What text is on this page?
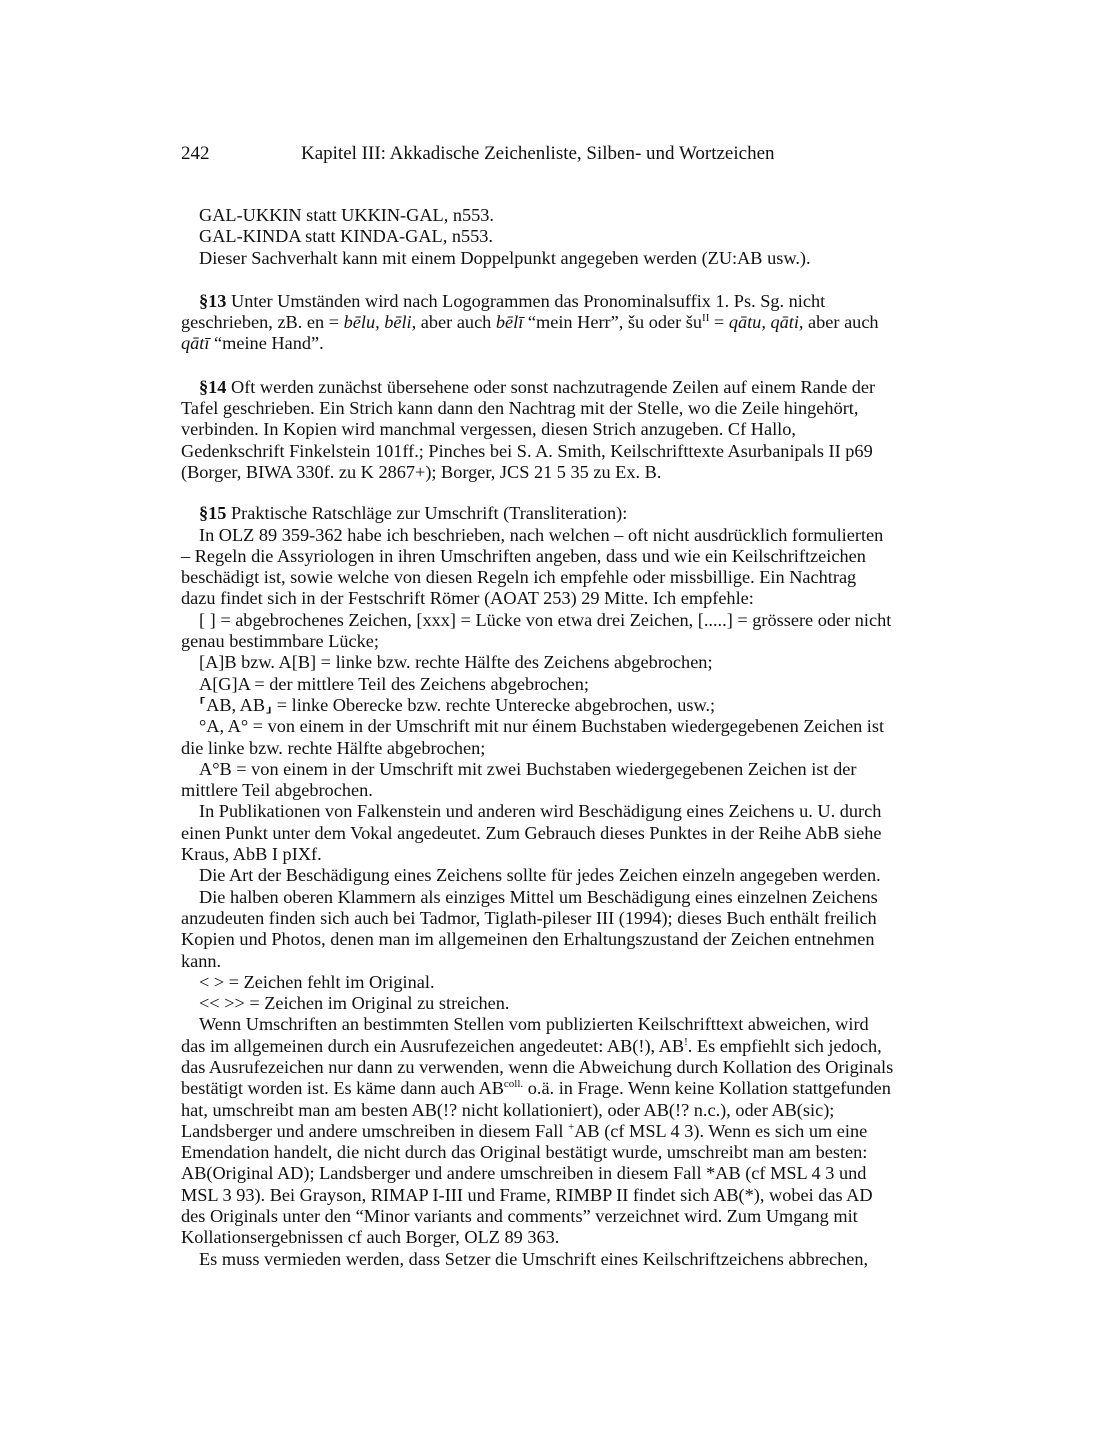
242	Kapitel III: Akkadische Zeichenliste, Silben- und Wortzeichen

GAL-UKKIN statt UKKIN-GAL, n553.

GAL-KINDA statt KINDA-GAL, n553.

Dieser Sachverhalt kann mit einem Doppelpunkt angegeben werden (ZU:AB usw.).

§13 Unter Umständen wird nach Logogrammen das Pronominalsuffix 1. Ps. Sg. nicht geschrieben, zB. en = bēlu, bēli, aber auch bēlī “mein Herr”, šu oder $šu^{II}$ = qātu, qāti, aber auch qātī “meine Hand”.

§14 Oft werden zunächst übersehene oder sonst nachzutragende Zeilen auf einem Rande der Tafel geschrieben. Ein Strich kann dann den Nachtrag mit der Stelle, wo die Zeile hingehört, verbinden. In Kopien wird manchmal vergessen, diesen Strich anzugeben. Cf Hallo, Gedenkschrift Finkelstein 101ff.; Pinches bei S. A. Smith, Keilschrifttexte Asurbanipals II p69 (Borger, BIWA 330f. zu K 2867+); Borger, JCS 21 5 35 zu Ex. B.

§15 Praktische Ratschläge zur Umschrift (Transliteration):

In OLZ 89 359-362 habe ich beschrieben, nach welchen – oft nicht ausdrücklich formulierten – Regeln die Assyriologen in ihren Umschriften angeben, dass und wie ein Keilschriftzeichen beschädigt ist, sowie welche von diesen Regeln ich empfehle oder missbillige. Ein Nachtrag dazu findet sich in der Festschrift Römer (AOAT 253) 29 Mitte. Ich empfehle:

[ ] = abgebrochenes Zeichen, [xxx] = Lücke von etwa drei Zeichen, [.....] = grössere oder nicht genau bestimmbare Lücke;

[A]B bzw. A[B] = linke bzw. rechte Hälfte des Zeichens abgebrochen;

A[G]A = der mittlere Teil des Zeichens abgebrochen;

⸢AB, AB⸥ = linke Oberecke bzw. rechte Unterecke abgebrochen, usw.;

°A, A° = von einem in der Umschrift mit nur éinem Buchstaben wiedergegebenen Zeichen ist die linke bzw. rechte Hälfte abgebrochen;

A°B = von einem in der Umschrift mit zwei Buchstaben wiedergegebenen Zeichen ist der mittlere Teil abgebrochen.

In Publikationen von Falkenstein und anderen wird Beschädigung eines Zeichens u. U. durch einen Punkt unter dem Vokal angedeutet. Zum Gebrauch dieses Punktes in der Reihe AbB siehe Kraus, AbB I pIXf.

Die Art der Beschädigung eines Zeichens sollte für jedes Zeichen einzeln angegeben werden.

Die halben oberen Klammern als einziges Mittel um Beschädigung eines einzelnen Zeichens anzudeuten finden sich auch bei Tadmor, Tiglath-pileser III (1994); dieses Buch enthält freilich Kopien und Photos, denen man im allgemeinen den Erhaltungszustand der Zeichen entnehmen kann.

< > = Zeichen fehlt im Original.

<< >> = Zeichen im Original zu streichen.

Wenn Umschriften an bestimmten Stellen vom publizierten Keilschrifttext abweichen, wird das im allgemeinen durch ein Ausrufezeichen angedeutet: AB(!), AB!. Es empfiehlt sich jedoch, das Ausrufezeichen nur dann zu verwenden, wenn die Abweichung durch Kollation des Originals bestätigt worden ist. Es käme dann auch $AB^{coll.}$ o.ä. in Frage. Wenn keine Kollation stattgefunden hat, umschreibt man am besten AB(!? nicht kollationiert), oder AB(!? n.c.), oder AB(sic); Landsberger und andere umschreiben in diesem Fall +AB (cf MSL 4 3). Wenn es sich um eine Emendation handelt, die nicht durch das Original bestätigt wurde, umschreibt man am besten: AB(Original AD); Landsberger und andere umschreiben in diesem Fall *AB (cf MSL 4 3 und MSL 3 93). Bei Grayson, RIMAP I-III und Frame, RIMBP II findet sich AB(*), wobei das AD des Originals unter den “Minor variants and comments” verzeichnet wird. Zum Umgang mit Kollationsergebnissen cf auch Borger, OLZ 89 363.

Es muss vermieden werden, dass Setzer die Umschrift eines Keilschriftzeichens abbrechen,
